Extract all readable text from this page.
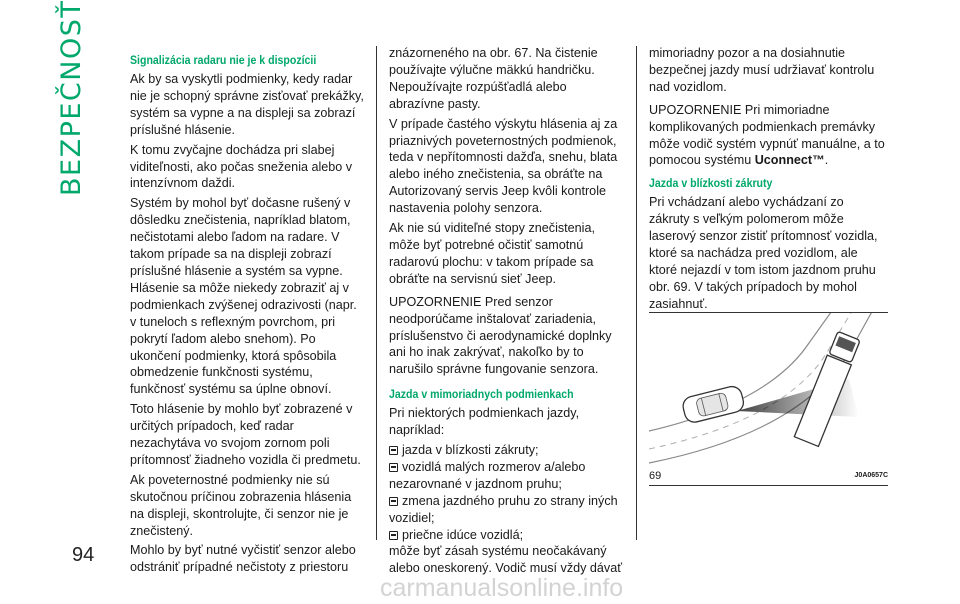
BEZPEČNOSŤ
94
Signalizácia radaru nie je k dispozícii

Ak by sa vyskytli podmienky, kedy radar nie je schopný správne zisťovať prekážky, systém sa vypne a na displeji sa zobrazí príslušné hlásenie.

K tomu zvyčajne dochádza pri slabej viditeľnosti, ako počas sneženia alebo v intenzívnom daždi.

Systém by mohol byť dočasne rušený v dôsledku znečistenia, napríklad blatom, nečistotami alebo ľadom na radare. V takom prípade sa na displeji zobrazí príslušné hlásenie a systém sa vypne. Hlásenie sa môže niekedy zobraziť aj v podmienkach zvýšenej odrazivosti (napr. v tuneloch s reflexným povrchom, pri pokrytí ľadom alebo snehom). Po ukončení podmienky, ktorá spôsobila obmedzenie funkčnosti systému, funkčnosť systému sa úplne obnoví.

Toto hlásenie by mohlo byť zobrazené v určitých prípadoch, keď radar nezachytáva vo svojom zornom poli prítomnosť žiadneho vozidla či predmetu.

Ak poveternostné podmienky nie sú skutočnou príčinou zobrazenia hlásenia na displeji, skontrolujte, či senzor nie je znečistený.

Mohlo by byť nutné vyčistiť senzor alebo odstrániť prípadné nečistoty z priestoru

znázorneného na obr. 67. Na čistenie používajte výlučne mäkkú handričku. Nepoužívajte rozpúšťadlá alebo abrazívne pasty.

V prípade častého výskytu hlásenia aj za priaznivých poveternostných podmienok, teda v nepřítomnosti dažďa, snehu, blata alebo iného znečistenia, sa obráťte na Autorizovaný servis Jeep kvôli kontrole nastavenia polohy senzora.

Ak nie sú viditeľné stopy znečistenia, môže byť potrebné očistiť samotnú radarovú plochu: v takom prípade sa obráťte na servisnú sieť Jeep.

UPOZORNENIE Pred senzor neodporúčame inštalovať zariadenia, príslušenstvo či aerodynamické doplnky ani ho inak zakrývať, nakoľko by to narušilo správne fungovanie senzora.

Jazda v mimoriadnych podmienkach

Pri niektorých podmienkach jazdy, napríklad:

jazda v blízkosti zákruty;
vozidlá malých rozmerov a/alebo nezarovnané v jazdnom pruhu;
zmena jazdného pruhu zo strany iných vozidiel;
priečne idúce vozidlá;

môže byť zásah systému neočakávaný alebo oneskorený. Vodič musí vždy dávať

mimoriadny pozor a na dosiahnutie bezpečnej jazdy musí udržiavať kontrolu nad vozidlom.

UPOZORNENIE Pri mimoriadne komplikovaných podmienkach premávky môže vodič systém vypnúť manuálne, a to pomocou systému Uconnect™.

Jazda v blízkosti zákruty

Pri vchádzaní alebo vychádzaní zo zákruty s veľkým polomerom môže laserový senzor zistiť prítomnosť vozidla, ktoré sa nachádza pred vozidlom, ale ktoré nejazdí v tom istom jazdnom pruhu obr. 69. V takých prípadoch by mohol zasiahnuť.

69	J0A0657C
carmanualsonline.info
